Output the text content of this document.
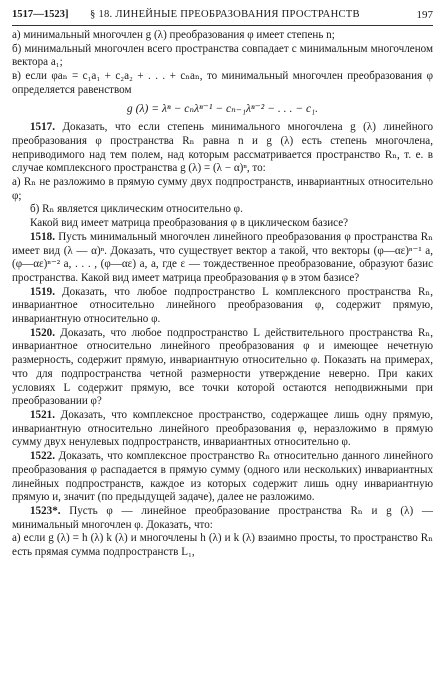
1517—1523] § 18. ЛИНЕЙНЫЕ ПРЕОБРАЗОВАНИЯ ПРОСТРАНСТВ	197

а) минимальный многочлен g (λ) преобразования φ имеет степень n;

б) минимальный многочлен всего пространства совпадает с минимальным многочленом вектора a₁;

в) если φaₙ = c₁a₁ + c₂a₂ + . . . + cₙaₙ, то минимальный многочлен преобразования φ определяется равенством

g (λ) = λⁿ − cₙλⁿ⁻¹ − cₙ₋₁λⁿ⁻² − . . . − c₁.

1517. Доказать, что если степень минимального многочлена g (λ) линейного преобразования φ пространства Rₙ равна n и g (λ) есть степень многочлена, неприводимого над тем полем, над которым рассматривается пространство Rₙ, т. е. в случае комплексного пространства g (λ) = (λ − α)ⁿ, то:

а) Rₙ не разложимо в прямую сумму двух подпространств, инвариантных относительно φ;

б) Rₙ является циклическим относительно φ.

Какой вид имеет матрица преобразования φ в циклическом базисе?

1518. Пусть минимальный многочлен линейного преобразования φ пространства Rₙ имеет вид (λ — α)ⁿ. Доказать, что существует вектор a такой, что векторы (φ—αε)ⁿ⁻¹ a, (φ—αε)ⁿ⁻² a, . . . , (φ—αε) a, a, где ε — тождественное преобразование, образуют базис пространства. Какой вид имеет матрица преобразования φ в этом базисе?

1519. Доказать, что любое подпространство L комплексного пространства Rₙ, инвариантное относительно линейного преобразования φ, содержит прямую, инвариантную относительно φ.

1520. Доказать, что любое подпространство L действительного пространства Rₙ, инвариантное относительно линейного преобразования φ и имеющее нечетную размерность, содержит прямую, инвариантную относительно φ. Показать на примерах, что для подпространства четной размерности утверждение неверно. При каких условиях L содержит прямую, все точки которой остаются неподвижными при преобразовании φ?

1521. Доказать, что комплексное пространство, содержащее лишь одну прямую, инвариантную относительно линейного преобразования φ, неразложимо в прямую сумму двух ненулевых подпространств, инвариантных относительно φ.

1522. Доказать, что комплексное пространство Rₙ относительно данного линейного преобразования φ распадается в прямую сумму (одного или нескольких) инвариантных линейных подпространств, каждое из которых содержит лишь одну инвариантную прямую и, значит (по предыдущей задаче), далее не разложимо.

1523*. Пусть φ — линейное преобразование пространства Rₙ и g (λ) — минимальный многочлен φ. Доказать, что:

а) если g (λ) = h (λ) k (λ) и многочлены h (λ) и k (λ) взаимно просты, то пространство Rₙ есть прямая сумма подпространств L₁,
